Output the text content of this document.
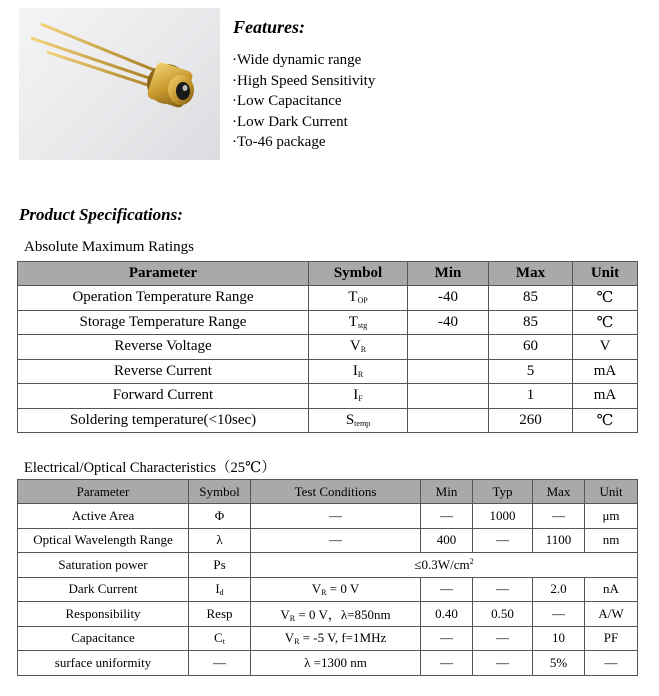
Features:
·Wide dynamic range
·High Speed Sensitivity
·Low Capacitance
·Low Dark Current
·To-46 package
Product Specifications:
Absolute Maximum Ratings
Parameter	Symbol	Min	Max	Unit
Operation Temperature Range	$T_{OP}$	-40	85	℃
Storage Temperature Range	$T_{stg}$	-40	85	℃
Reverse Voltage	$V_R$		60	V
Reverse Current	$I_R$		5	mA
Forward Current	$I_F$		1	mA
Soldering temperature(<10sec)	$S_{temp}$		260	℃
Electrical/Optical Characteristics（25℃）
Parameter	Symbol	Test Conditions	Min	Typ	Max	Unit
Active Area	Φ	—	—	1000	—	μm
Optical Wavelength Range	λ	—	400	—	1100	nm
Saturation power	Ps	$\le 0.3W/cm^2$
Dark Current	$I_d$	$V_R = 0$ V	—	—	2.0	nA
Responsibility	Resp	$V_R = 0$ V，λ=850nm	0.40	0.50	—	A/W
Capacitance	$C_t$	$V_R = -5$ V, f=1MHz	—	—	10	PF
surface uniformity	—	λ =1300 nm	—	—	5%	—
